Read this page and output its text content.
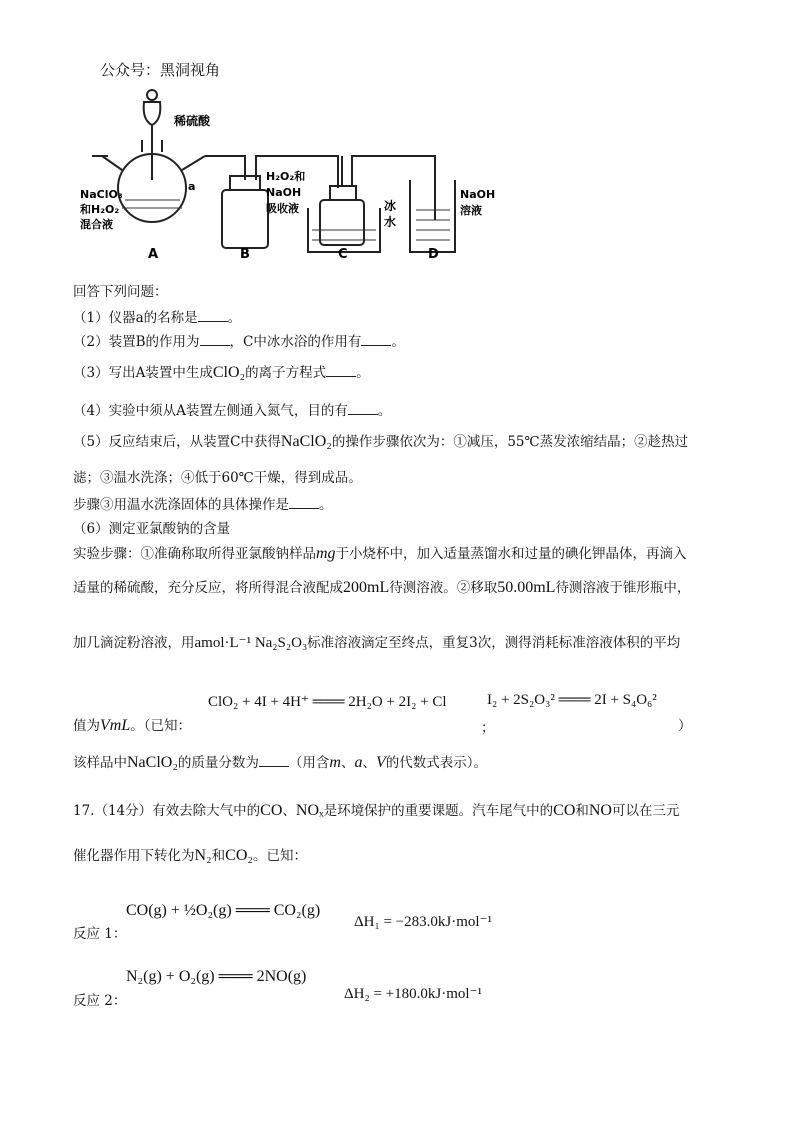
公众号：黑洞视角
稀硫酸
NaClO₃
和H₂O₂
混合液
a
H₂O₂和
NaOH
吸收液	冰
水
NaOH
溶液
A	B	C	D
回答下列问题：
（1）仪器a的名称是 。
（2）装置B的作用为 ，C中冰水浴的作用有 。
（3）写出A装置中生成ClO₂的离子方程式 。
（4）实验中须从A装置左侧通入氮气，目的有 。
（5）反应结束后，从装置C中获得NaClO₂的操作步骤依次为：①减压，55℃蒸发浓缩结晶；②趁热过
滤；③温水洗涤；④低于60℃干燥，得到成品。
步骤③用温水洗涤固体的具体操作是 。
（6）测定亚氯酸钠的含量
实验步骤：①准确称取所得亚氯酸钠样品mg于小烧杯中，加入适量蒸馏水和过量的碘化钾晶体，再滴入
适量的稀硫酸，充分反应，将所得混合液配成200mL待测溶液。②移取50.00mL待测溶液于锥形瓶中，
加几滴淀粉溶液，用amol·L⁻¹ Na₂S₂O₃标准溶液滴定至终点，重复3次，测得消耗标准溶液体积的平均
ClO₂ + 4I + 4H⁺ ═══ 2H₂O + 2I₂ + Cl	I₂ + 2S₂O₃² ═══ 2I + S₄O₆²
值为VmL。（已知：	；	）
该样品中NaClO₂的质量分数为 （用含m、a、V的代数式表示）。
17.（14分）有效去除大气中的CO、NOₓ是环境保护的重要课题。汽车尾气中的CO和NO可以在三元
催化器作用下转化为N₂和CO₂。已知：
CO(g) + ½O₂(g) ═══ CO₂(g)
反应 1：
ΔH₁ = −283.0kJ·mol⁻¹
N₂(g) + O₂(g) ═══ 2NO(g)
反应 2：	ΔH₂ = +180.0kJ·mol⁻¹
